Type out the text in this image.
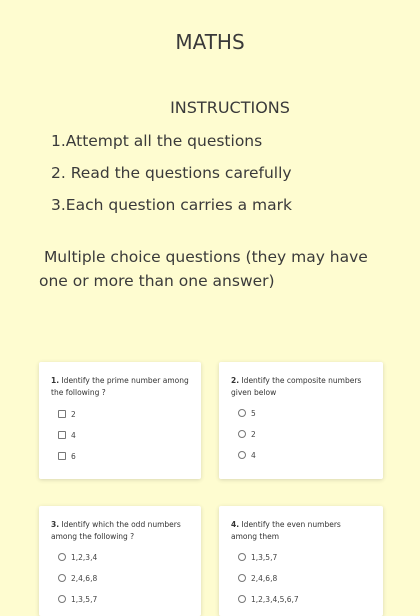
MATHS
INSTRUCTIONS
1.Attempt all the questions
2. Read the questions carefully
3.Each question carries a mark
Multiple choice questions (they may have one or more than one answer)
1. Identify the prime number among the following ?
2
4
6
2. Identify the composite numbers given below
5
2
4
3. Identify which the odd numbers among the following ?
1,2,3,4
2,4,6,8
1,3,5,7
4. Identify the even numbers among them
1,3,5,7
2,4,6,8
1,2,3,4,5,6,7
